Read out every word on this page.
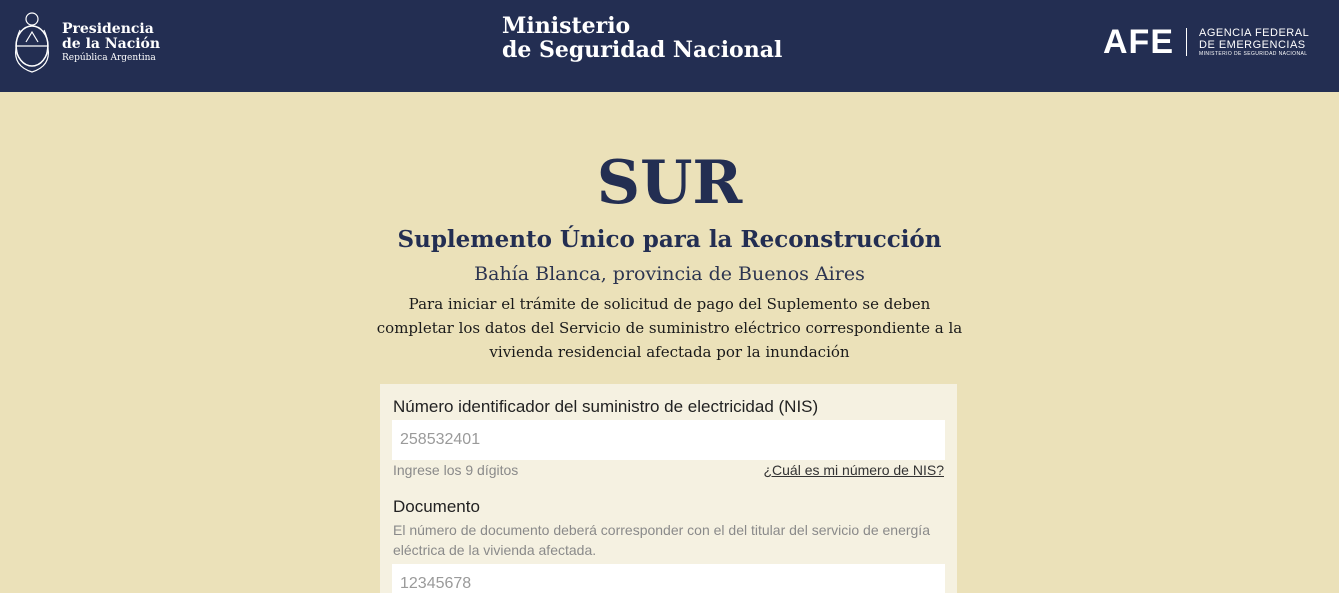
Presidencia
de la Nación
República Argentina
Ministerio
de Seguridad Nacional	AFE AGENCIA FEDERAL
DE EMERGENCIAS
MINISTERIO DE SEGURIDAD NACIONAL
SUR
Suplemento Único para la Reconstrucción

Bahía Blanca, provincia de Buenos Aires

Para iniciar el trámite de solicitud de pago del Suplemento se deben completar los datos del Servicio de suministro eléctrico correspondiente a la vivienda residencial afectada por la inundación

Número identificador del suministro de electricidad (NIS)
258532401
Ingrese los 9 dígitos	¿Cuál es mi número de NIS?
Documento

El número de documento deberá corresponder con el del titular del servicio de energía eléctrica de la vivienda afectada.

12345678
